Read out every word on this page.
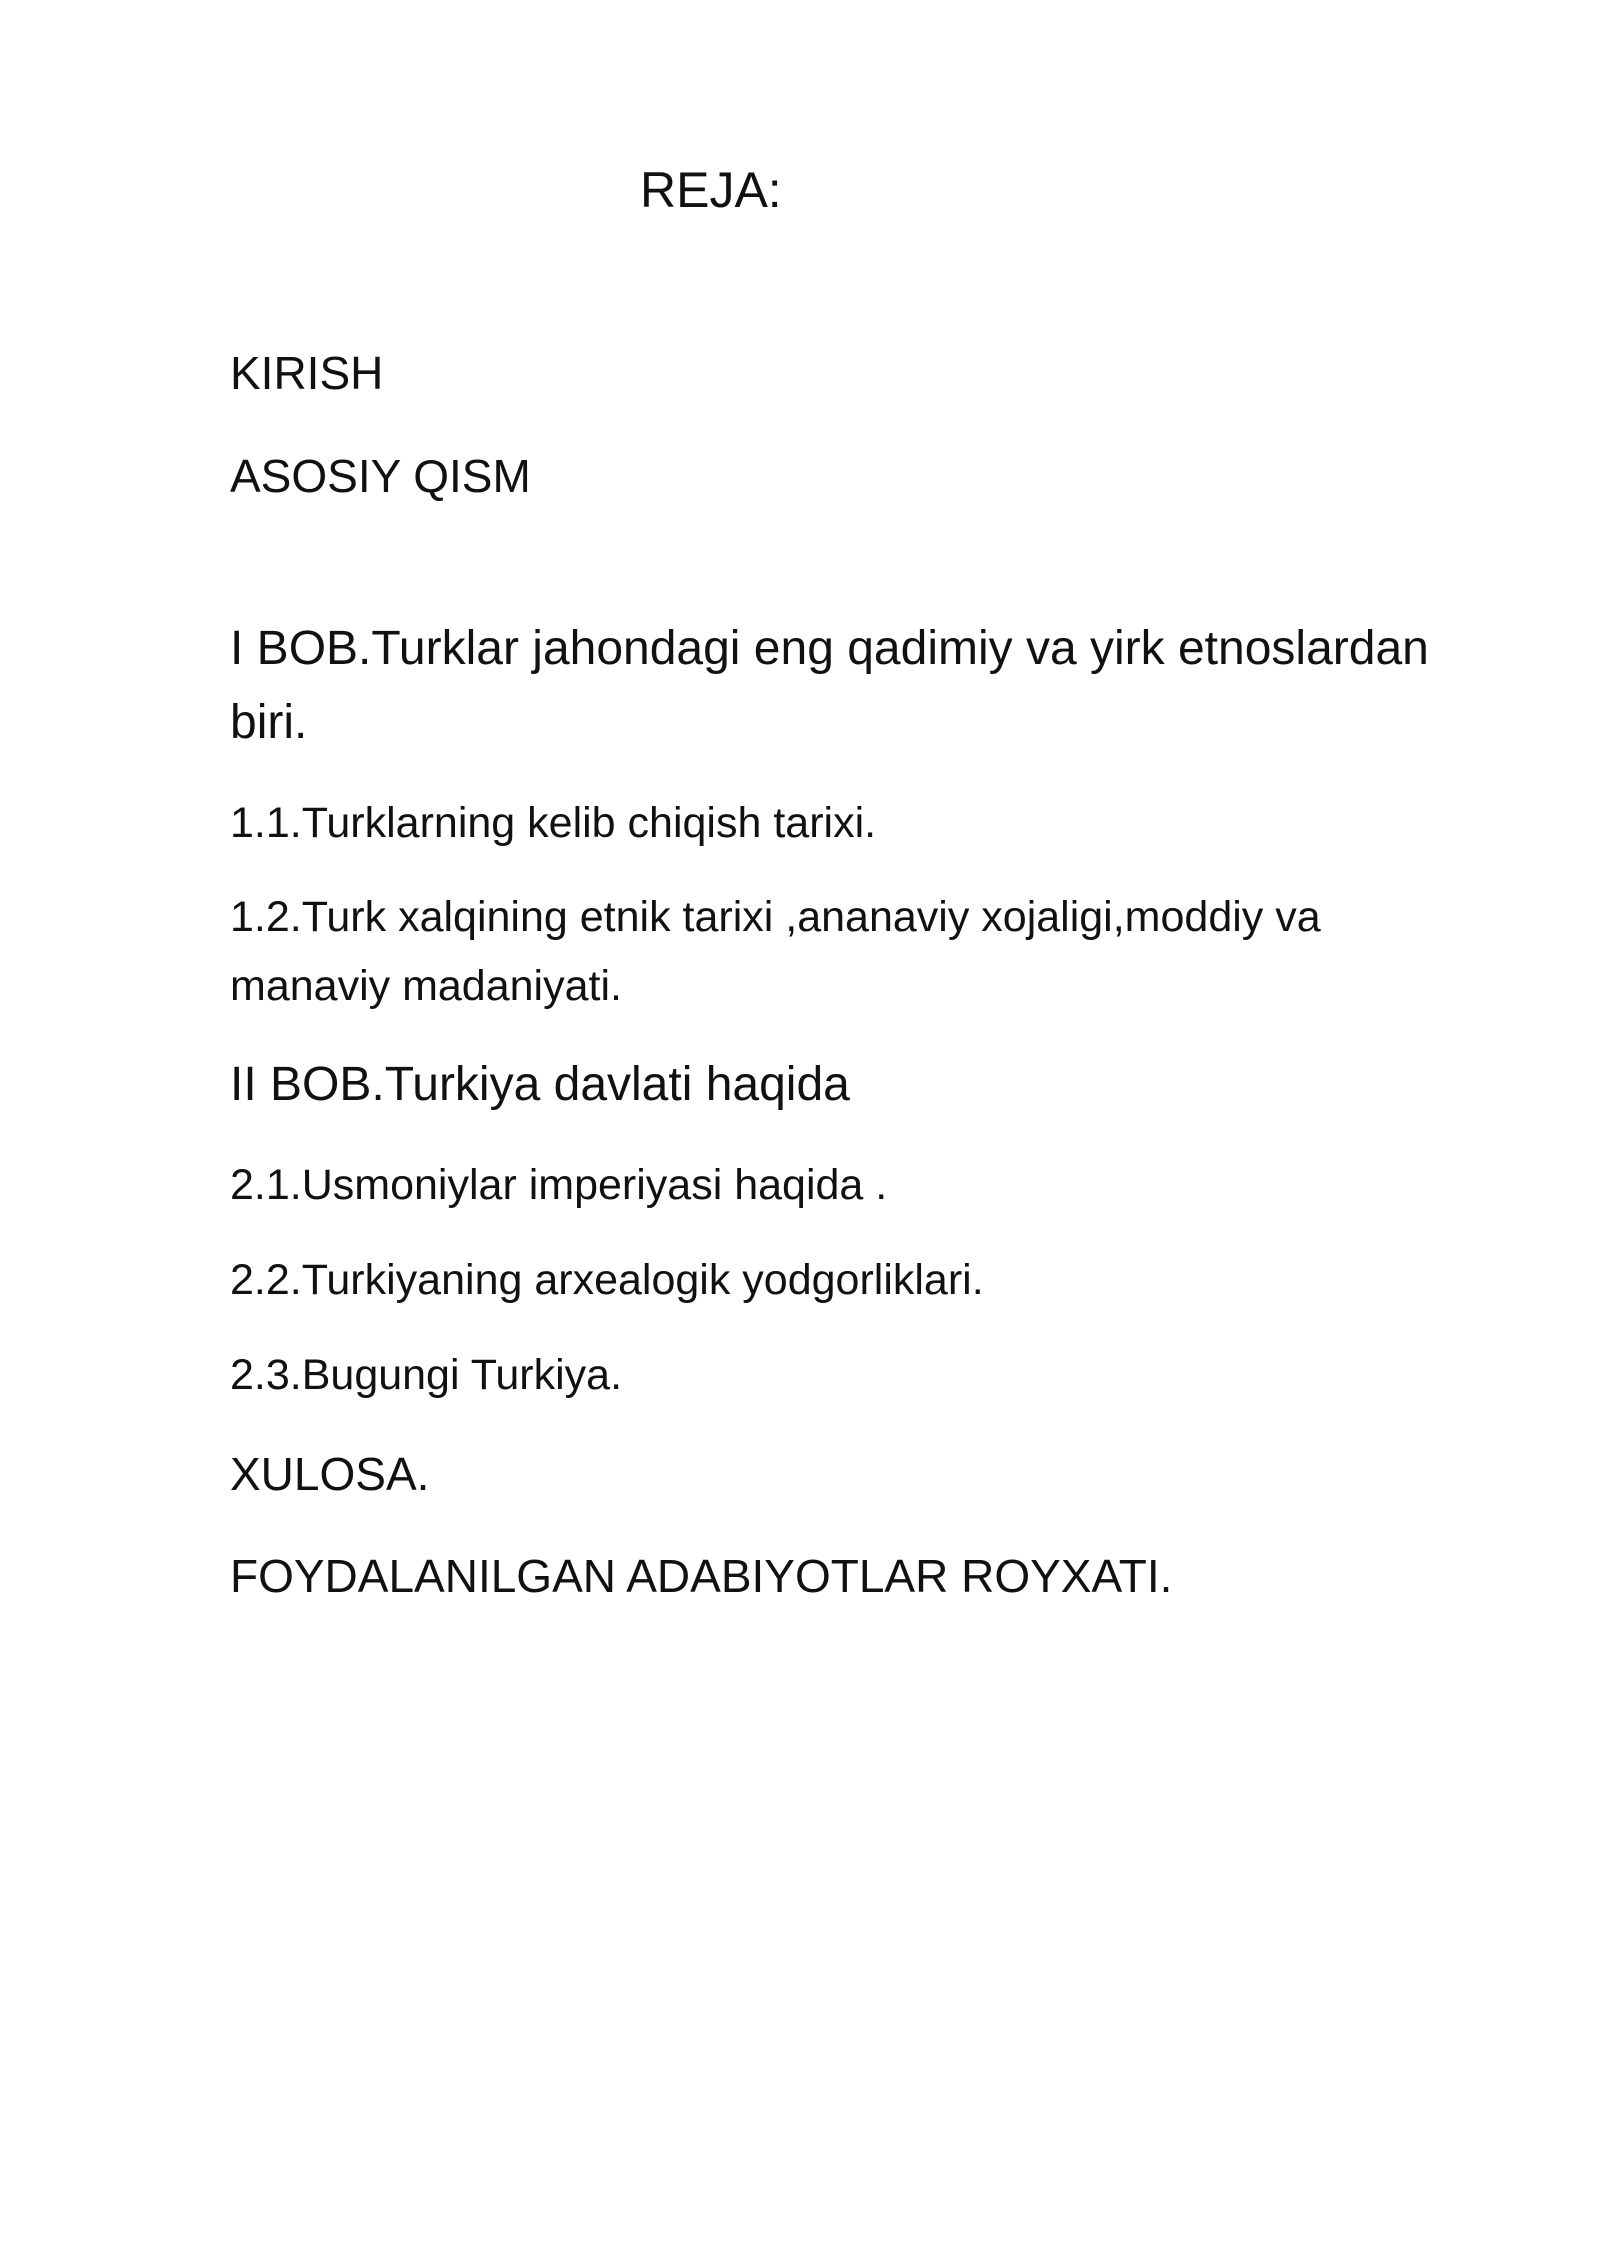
REJA:
KIRISH
ASOSIY QISM
I BOB.Turklar jahondagi eng qadimiy va yirk etnoslardan
biri.
1.1.Turklarning kelib chiqish tarixi.
1.2.Turk xalqining etnik tarixi ,ananaviy xojaligi,moddiy va
manaviy madaniyati.
II BOB.Turkiya davlati haqida
2.1.Usmoniylar imperiyasi haqida .
2.2.Turkiyaning arxealogik yodgorliklari.
2.3.Bugungi Turkiya.
XULOSA.
FOYDALANILGAN ADABIYOTLAR ROYXATI.
